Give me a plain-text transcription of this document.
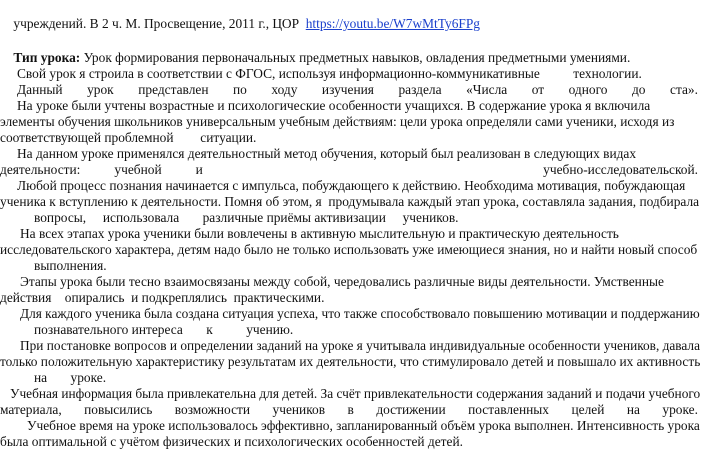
учреждений. В 2 ч. М. Просвещение, 2011 г., ЦОР  https://youtu.be/W7wMtTy6FPg

Тип урока: Урок формирования первоначальных предметных навыков, овладения предметными умениями.

Свой урок я строила в соответствии с ФГОС, используя информационно-коммуникативные          технологии.
Данный урок представлен по ходу изучения раздела «Числа от одного до ста».
На уроке были учтены возрастные и психологические особенности учащихся. В содержание урока я включила
элементы обучения школьников универсальным учебным действиям: цели урока определяли сами ученики, исходя из
соответствующей проблемной        ситуации.
На данном уроке применялся деятельностный метод обучения, который был реализован в следующих видах
деятельности:	учебной	и	учебно-исследовательской.
Любой процесс познания начинается с импульса, побуждающего к действию. Необходима мотивация, побуждающая
ученика к вступлению к деятельности. Помня об этом, я  продумывала каждый этап урока, составляла задания, подбирала
вопросы,     использовала       различные приёмы активизации     учеников.
На всех этапах урока ученики были вовлечены в активную мыслительную и практическую деятельность
исследовательского характера, детям надо было не только использовать уже имеющиеся знания, но и найти новый способ
выполнения.
Этапы урока были тесно взаимосвязаны между собой, чередовались различные виды деятельности. Умственные
действия    опирались  и подкреплялись  практическими.
Для каждого ученика была создана ситуация успеха, что также способствовало повышению мотивации и поддержанию
познавательного интереса       к          учению.
При постановке вопросов и определении заданий на уроке я учитывала индивидуальные особенности учеников, давала
только положительную характеристику результатам их деятельности, что стимулировало детей и повышало их активность
на       уроке.
Учебная информация была привлекательна для детей. За счёт привлекательности содержания заданий и подачи учебного
материала, повысились возможности учеников в достижении поставленных целей на уроке.
Учебное время на уроке использовалось эффективно, запланированный объём урока выполнен. Интенсивность урока
была оптимальной с учётом физических и психологических особенностей детей.
